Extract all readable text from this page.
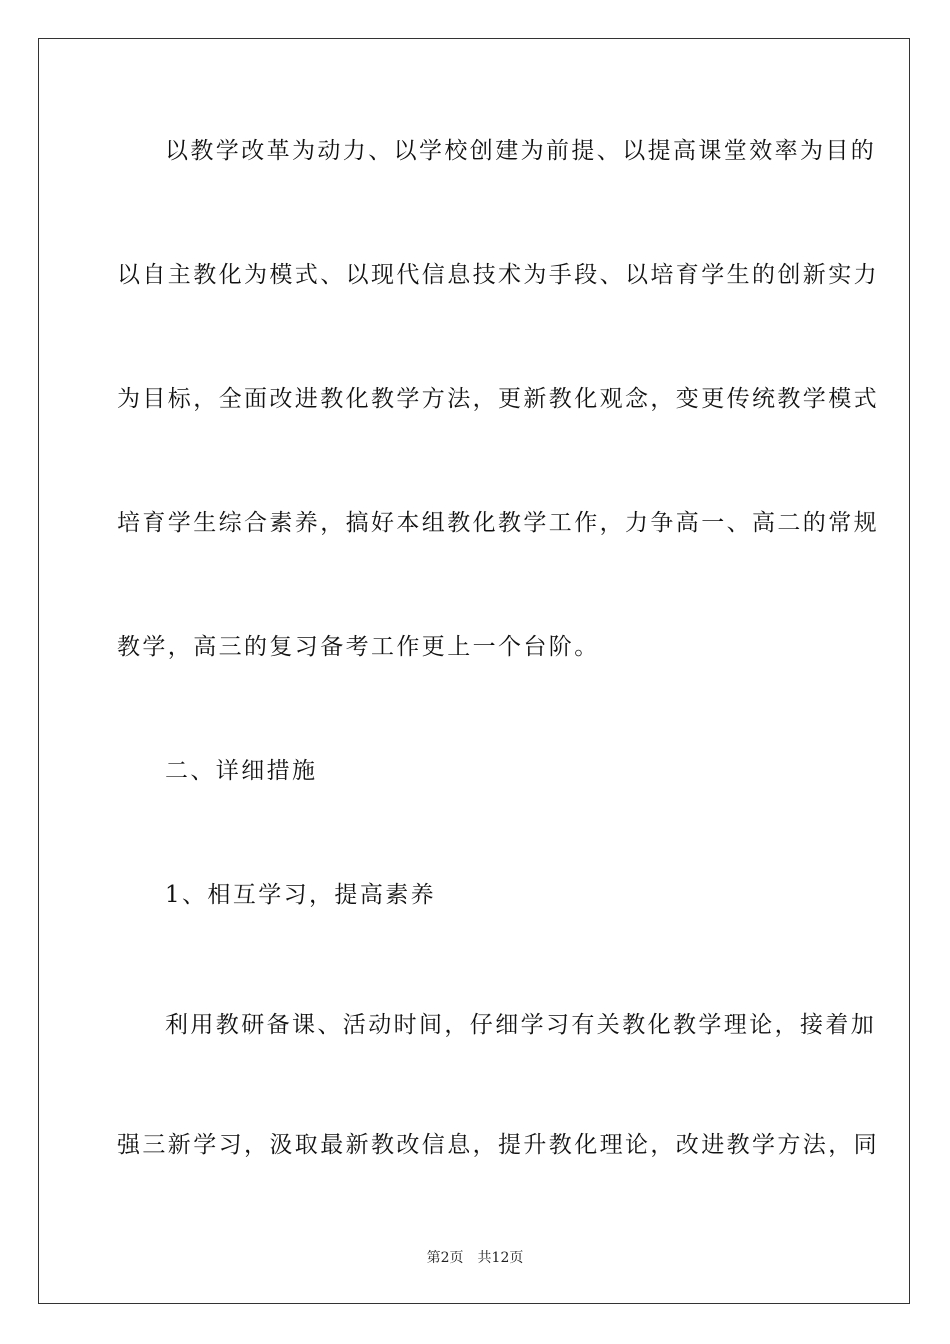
以教学改革为动力、以学校创建为前提、以提高课堂效率为目的
以自主教化为模式、以现代信息技术为手段、以培育学生的创新实力
为目标，全面改进教化教学方法，更新教化观念，变更传统教学模式
培育学生综合素养，搞好本组教化教学工作，力争高一、高二的常规
教学，高三的复习备考工作更上一个台阶。
二、详细措施
1、相互学习，提高素养
利用教研备课、活动时间，仔细学习有关教化教学理论，接着加
强三新学习，汲取最新教改信息，提升教化理论，改进教学方法，同
第2页 共12页
